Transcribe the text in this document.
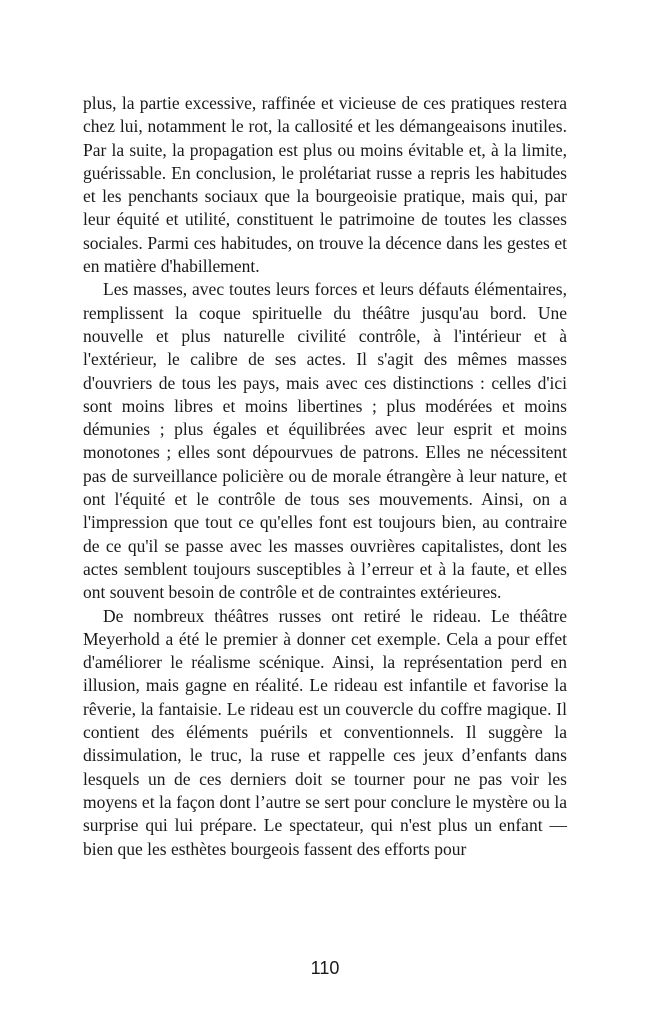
plus, la partie excessive, raffinée et vicieuse de ces pratiques restera chez lui, notamment le rot, la callosité et les démangeaisons inutiles. Par la suite, la propagation est plus ou moins évitable et, à la limite, guérissable. En conclusion, le prolétariat russe a repris les habitudes et les penchants sociaux que la bourgeoisie pratique, mais qui, par leur équité et utilité, constituent le patrimoine de toutes les classes sociales. Parmi ces habitudes, on trouve la décence dans les gestes et en matière d'habillement.

Les masses, avec toutes leurs forces et leurs défauts élémentaires, remplissent la coque spirituelle du théâtre jusqu'au bord. Une nouvelle et plus naturelle civilité contrôle, à l'intérieur et à l'extérieur, le calibre de ses actes. Il s'agit des mêmes masses d'ouvriers de tous les pays, mais avec ces distinctions : celles d'ici sont moins libres et moins libertines ; plus modérées et moins démunies ; plus égales et équilibrées avec leur esprit et moins monotones ; elles sont dépourvues de patrons. Elles ne nécessitent pas de surveillance policière ou de morale étrangère à leur nature, et ont l'équité et le contrôle de tous ses mouvements. Ainsi, on a l'impression que tout ce qu'elles font est toujours bien, au contraire de ce qu'il se passe avec les masses ouvrières capitalistes, dont les actes semblent toujours susceptibles à l’erreur et à la faute, et elles ont souvent besoin de contrôle et de contraintes extérieures.

De nombreux théâtres russes ont retiré le rideau. Le théâtre Meyerhold a été le premier à donner cet exemple. Cela a pour effet d'améliorer le réalisme scénique. Ainsi, la représentation perd en illusion, mais gagne en réalité. Le rideau est infantile et favorise la rêverie, la fantaisie. Le rideau est un couvercle du coffre magique. Il contient des éléments puérils et conventionnels. Il suggère la dissimulation, le truc, la ruse et rappelle ces jeux d’enfants dans lesquels un de ces derniers doit se tourner pour ne pas voir les moyens et la façon dont l’autre se sert pour conclure le mystère ou la surprise qui lui prépare. Le spectateur, qui n'est plus un enfant — bien que les esthètes bourgeois fassent des efforts pour

110
